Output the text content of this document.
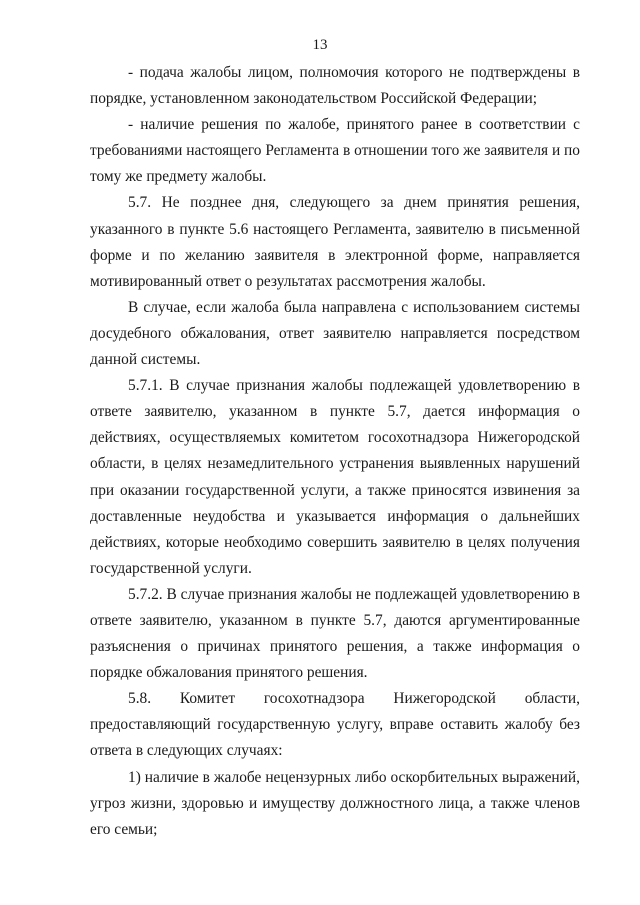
13

- подача жалобы лицом, полномочия которого не подтверждены в порядке, установленном законодательством Российской Федерации;

- наличие решения по жалобе, принятого ранее в соответствии с требованиями настоящего Регламента в отношении того же заявителя и по тому же предмету жалобы.

5.7. Не позднее дня, следующего за днем принятия решения, указанного в пункте 5.6 настоящего Регламента, заявителю в письменной форме и по желанию заявителя в электронной форме, направляется мотивированный ответ о результатах рассмотрения жалобы.

В случае, если жалоба была направлена с использованием системы досудебного обжалования, ответ заявителю направляется посредством данной системы.

5.7.1. В случае признания жалобы подлежащей удовлетворению в ответе заявителю, указанном в пункте 5.7, дается информация о действиях, осуществляемых комитетом госохотнадзора Нижегородской области, в целях незамедлительного устранения выявленных нарушений при оказании государственной услуги, а также приносятся извинения за доставленные неудобства и указывается информация о дальнейших действиях, которые необходимо совершить заявителю в целях получения государственной услуги.

5.7.2. В случае признания жалобы не подлежащей удовлетворению в ответе заявителю, указанном в пункте 5.7, даются аргументированные разъяснения о причинах принятого решения, а также информация о порядке обжалования принятого решения.

5.8. Комитет госохотнадзора Нижегородской области, предоставляющий государственную услугу, вправе оставить жалобу без ответа в следующих случаях:

1) наличие в жалобе нецензурных либо оскорбительных выражений, угроз жизни, здоровью и имуществу должностного лица, а также членов его семьи;
